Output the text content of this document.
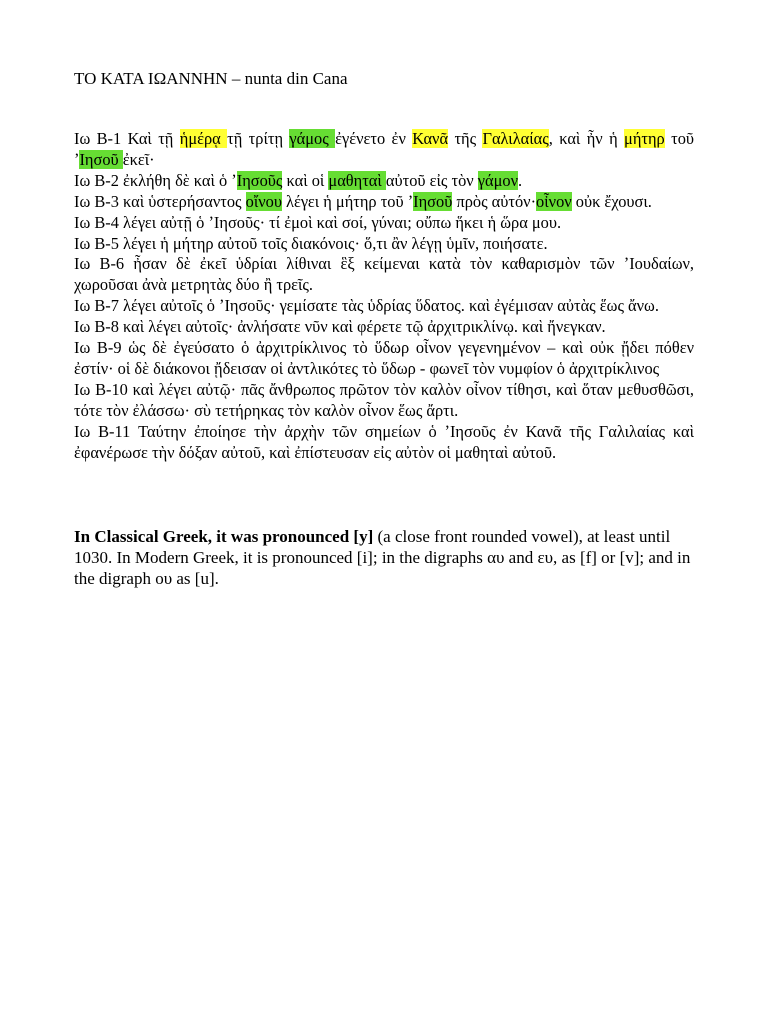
ΤΟ ΚΑΤΑ ΙΩΑΝΝΗΝ – nunta din Cana

Ιω B-1 Καὶ τῇ ἡμέρᾳ τῇ τρίτῃ γάμος ἐγένετο ἐν Κανᾶ τῆς Γαλιλαίας, καὶ ἦν ἡ μήτηρ τοῦ ʼΙησοῦ ἐκεῖ·

Ιω B-2 ἐκλήθη δὲ καὶ ὁ ʼΙησοῦς καὶ οἱ μαθηταὶ αὐτοῦ εἰς τὸν γάμον.

Ιω B-3 καὶ ὑστερήσαντος οἴνου λέγει ἡ μήτηρ τοῦ ʼΙησοῦ πρὸς αὐτόν·οἶνον οὐκ ἔχουσι.

Ιω B-4 λέγει αὐτῇ ὁ ʼΙησοῦς· τί ἐμοὶ καὶ σοί, γύναι; οὔπω ἥκει ἡ ὥρα μου.

Ιω B-5 λέγει ἡ μήτηρ αὐτοῦ τοῖς διακόνοις· ὅ,τι ἂν λέγῃ ὑμῖν, ποιήσατε.

Ιω B-6 ἦσαν δὲ ἐκεῖ ὑδρίαι λίθιναι ἓξ κείμεναι κατὰ τὸν καθαρισμὸν τῶν ʼΙουδαίων, χωροῦσαι ἀνὰ μετρητὰς δύο ἢ τρεῖς.

Ιω B-7 λέγει αὐτοῖς ὁ ʼΙησοῦς· γεμίσατε τὰς ὑδρίας ὕδατος. καὶ ἐγέμισαν αὐτὰς ἕως ἄνω.

Ιω B-8 καὶ λέγει αὐτοῖς· ἀνλήσατε νῦν καὶ φέρετε τῷ ἀρχιτρικλίνῳ. καὶ ἤνεγκαν.

Ιω B-9 ὡς δὲ ἐγεύσατο ὁ ἀρχιτρίκλινος τὸ ὕδωρ οἶνον γεγενημένον – καὶ οὐκ ᾔδει πόθεν ἐστίν· οἱ δὲ διάκονοι ᾔδεισαν οἱ ἀντλικότες τὸ ὕδωρ - φωνεῖ τὸν νυμφίον ὁ ἀρχιτρίκλινος

Ιω B-10 καὶ λέγει αὐτῷ· πᾶς ἄνθρωπος πρῶτον τὸν καλὸν οἶνον τίθησι, καὶ ὅταν μεθυσθῶσι, τότε τὸν ἐλάσσω· σὺ τετήρηκας τὸν καλὸν οἶνον ἕως ἄρτι.

Ιω B-11 Ταύτην ἐποίησε τὴν ἀρχὴν τῶν σημείων ὁ ʼΙησοῦς ἐν Κανᾶ τῆς Γαλιλαίας καὶ ἐφανέρωσε τὴν δόξαν αὐτοῦ, καὶ ἐπίστευσαν εἰς αὐτὸν οἱ μαθηταὶ αὐτοῦ.

In Classical Greek, it was pronounced [y] (a close front rounded vowel), at least until 1030. In Modern Greek, it is pronounced [i]; in the digraphs αυ and ευ, as [f] or [v]; and in the digraph ου as [u].
